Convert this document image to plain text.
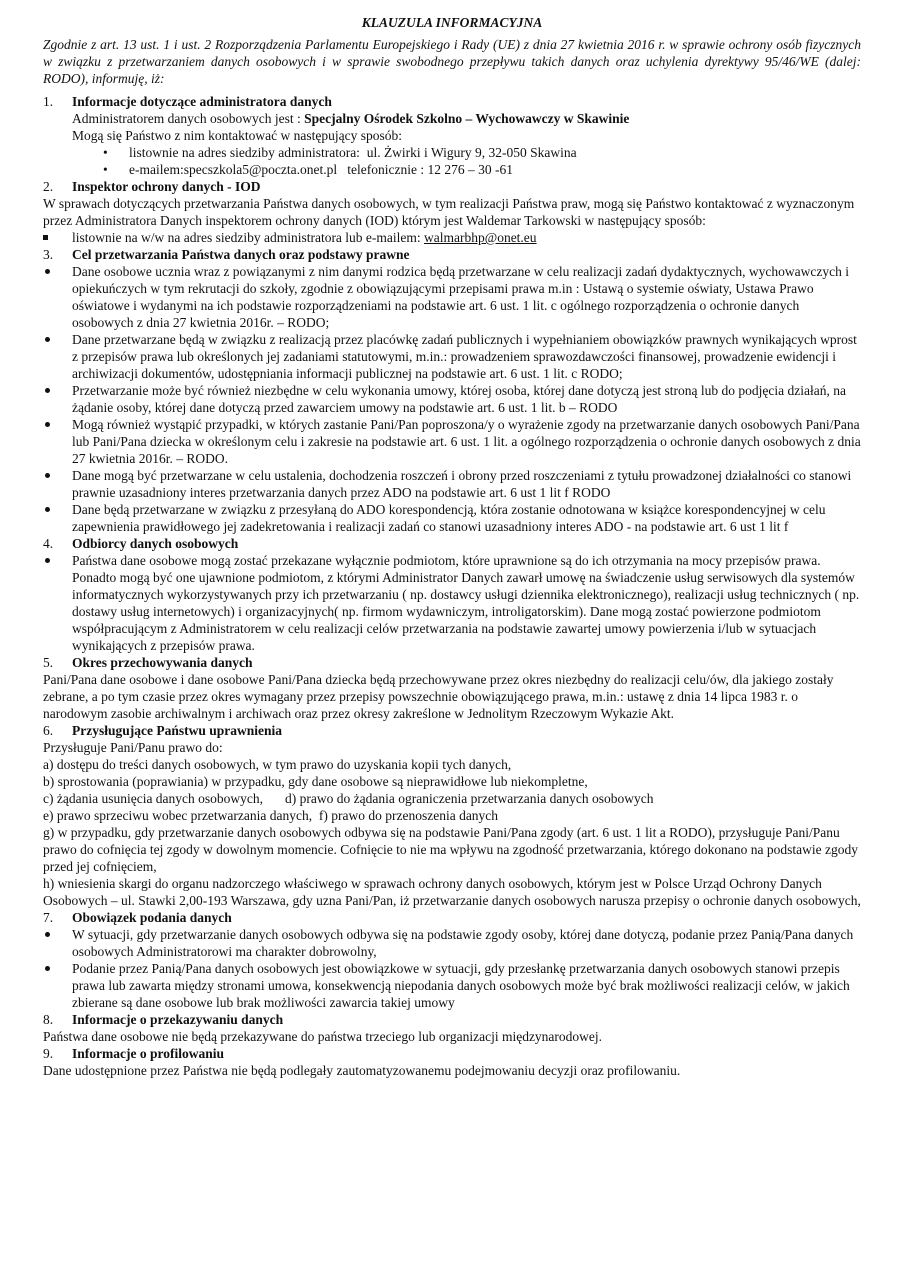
KLAUZULA INFORMACYJNA
Zgodnie z art. 13 ust. 1 i ust. 2 Rozporządzenia Parlamentu Europejskiego i Rady (UE) z dnia 27 kwietnia 2016 r. w sprawie ochrony osób fizycznych w związku z przetwarzaniem danych osobowych i w sprawie swobodnego przepływu takich danych oraz uchylenia dyrektywy 95/46/WE (dalej: RODO), informuję, iż:
1. Informacje dotyczące administratora danych
Administratorem danych osobowych jest : Specjalny Ośrodek Szkolno – Wychowawczy w Skawinie
Mogą się Państwo z nim kontaktować w następujący sposób:
• listownie na adres siedziby administratora: ul. Żwirki i Wigury 9, 32-050 Skawina
• e-mailem:specszkola5@poczta.onet.pl telefonicznie : 12 276 – 30 -61
2. Inspektor ochrony danych - IOD
W sprawach dotyczących przetwarzania Państwa danych osobowych, w tym realizacji Państwa praw, mogą się Państwo kontaktować z wyznaczonym przez Administratora Danych inspektorem ochrony danych (IOD) którym jest Waldemar Tarkowski w następujący sposób:
listownie na w/w na adres siedziby administratora lub e-mailem: walmarbhp@onet.eu
3. Cel przetwarzania Państwa danych oraz podstawy prawne
Dane osobowe ucznia wraz z powiązanymi z nim danymi rodzica będą przetwarzane w celu realizacji zadań dydaktycznych, wychowawczych i opiekuńczych w tym rekrutacji do szkoły, zgodnie z obowiązującymi przepisami prawa m.in : Ustawą o systemie oświaty, Ustawa Prawo oświatowe i wydanymi na ich podstawie rozporządzeniami na podstawie art. 6 ust. 1 lit. c ogólnego rozporządzenia o ochronie danych osobowych z dnia 27 kwietnia 2016r. – RODO;
Dane przetwarzane będą w związku z realizacją przez placówkę zadań publicznych i wypełnianiem obowiązków prawnych wynikających wprost z przepisów prawa lub określonych jej zadaniami statutowymi, m.in.: prowadzeniem sprawozdawczości finansowej, prowadzenie ewidencji i archiwizacji dokumentów, udostępniania informacji publicznej na podstawie art. 6 ust. 1 lit. c RODO;
Przetwarzanie może być również niezbędne w celu wykonania umowy, której osoba, której dane dotyczą jest stroną lub do podjęcia działań, na żądanie osoby, której dane dotyczą przed zawarciem umowy na podstawie art. 6 ust. 1 lit. b – RODO
Mogą również wystąpić przypadki, w których zastanie Pani/Pan poproszona/y o wyrażenie zgody na przetwarzanie danych osobowych Pani/Pana lub Pani/Pana dziecka w określonym celu i zakresie na podstawie art. 6 ust. 1 lit. a ogólnego rozporządzenia o ochronie danych osobowych z dnia 27 kwietnia 2016r. – RODO.
Dane mogą być przetwarzane w celu ustalenia, dochodzenia roszczeń i obrony przed roszczeniami z tytułu prowadzonej działalności co stanowi prawnie uzasadniony interes przetwarzania danych przez ADO na podstawie art. 6 ust 1 lit f RODO
Dane będą przetwarzane w związku z przesyłaną do ADO korespondencją, która zostanie odnotowana w książce korespondencyjnej w celu zapewnienia prawidłowego jej zadekretowania i realizacji zadań co stanowi uzasadniony interes ADO - na podstawie art. 6 ust 1 lit f
4. Odbiorcy danych osobowych
Państwa dane osobowe mogą zostać przekazane wyłącznie podmiotom, które uprawnione są do ich otrzymania na mocy przepisów prawa. Ponadto mogą być one ujawnione podmiotom, z którymi Administrator Danych zawarł umowę na świadczenie usług serwisowych dla systemów informatycznych wykorzystywanych przy ich przetwarzaniu ( np. dostawcy usługi dziennika elektronicznego), realizacji usług technicznych ( np. dostawy usług internetowych) i organizacyjnych( np. firmom wydawniczym, introligatorskim). Dane mogą zostać powierzone podmiotom współpracującym z Administratorem w celu realizacji celów przetwarzania na podstawie zawartej umowy powierzenia i/lub w sytuacjach wynikających z przepisów prawa.
5. Okres przechowywania danych
Pani/Pana dane osobowe i dane osobowe Pani/Pana dziecka będą przechowywane przez okres niezbędny do realizacji celu/ów, dla jakiego zostały zebrane, a po tym czasie przez okres wymagany przez przepisy powszechnie obowiązującego prawa, m.in.: ustawę z dnia 14 lipca 1983 r. o narodowym zasobie archiwalnym i archiwach oraz przez okresy zakreślone w Jednolitym Rzeczowym Wykazie Akt.
6. Przysługujące Państwu uprawnienia
Przysługuje Pani/Panu prawo do:
a) dostępu do treści danych osobowych, w tym prawo do uzyskania kopii tych danych,
b) sprostowania (poprawiania) w przypadku, gdy dane osobowe są nieprawidłowe lub niekompletne,
c) żądania usunięcia danych osobowych, d) prawo do żądania ograniczenia przetwarzania danych osobowych
e) prawo sprzeciwu wobec przetwarzania danych, f) prawo do przenoszenia danych
g) w przypadku, gdy przetwarzanie danych osobowych odbywa się na podstawie Pani/Pana zgody (art. 6 ust. 1 lit a RODO), przysługuje Pani/Panu prawo do cofnięcia tej zgody w dowolnym momencie. Cofnięcie to nie ma wpływu na zgodność przetwarzania, którego dokonano na podstawie zgody przed jej cofnięciem,
h) wniesienia skargi do organu nadzorczego właściwego w sprawach ochrony danych osobowych, którym jest w Polsce Urząd Ochrony Danych Osobowych – ul. Stawki 2,00-193 Warszawa, gdy uzna Pani/Pan, iż przetwarzanie danych osobowych narusza przepisy o ochronie danych osobowych,
7. Obowiązek podania danych
W sytuacji, gdy przetwarzanie danych osobowych odbywa się na podstawie zgody osoby, której dane dotyczą, podanie przez Panią/Pana danych osobowych Administratorowi ma charakter dobrowolny,
Podanie przez Panią/Pana danych osobowych jest obowiązkowe w sytuacji, gdy przesłankę przetwarzania danych osobowych stanowi przepis prawa lub zawarta między stronami umowa, konsekwencją niepodania danych osobowych może być brak możliwości realizacji celów, w jakich zbierane są dane osobowe lub brak możliwości zawarcia takiej umowy
8. Informacje o przekazywaniu danych
Państwa dane osobowe nie będą przekazywane do państwa trzeciego lub organizacji międzynarodowej.
9. Informacje o profilowaniu
Dane udostępnione przez Państwa nie będą podlegały zautomatyzowanemu podejmowaniu decyzji oraz profilowaniu.
